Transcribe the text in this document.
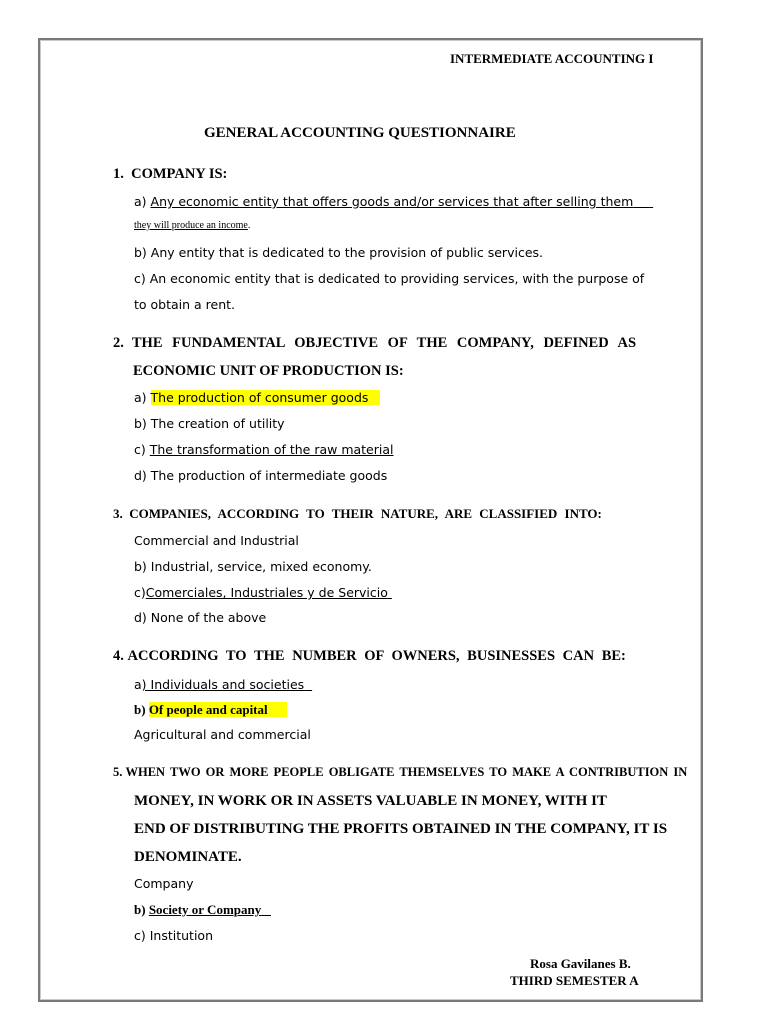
INTERMEDIATE ACCOUNTING I
GENERAL ACCOUNTING QUESTIONNAIRE
1. COMPANY IS:
a) Any economic entity that offers goods and/or services that after selling them
they will produce an income.
b) Any entity that is dedicated to the provision of public services.
c) An economic entity that is dedicated to providing services, with the purpose of
to obtain a rent.
2. THE FUNDAMENTAL OBJECTIVE OF THE COMPANY, DEFINED AS
ECONOMIC UNIT OF PRODUCTION IS:
a) The production of consumer goods
b) The creation of utility
c) The transformation of the raw material
d) The production of intermediate goods
3. COMPANIES, ACCORDING TO THEIR NATURE, ARE CLASSIFIED INTO:
Commercial and Industrial
b) Industrial, service, mixed economy.
c)Comerciales, Industriales y de Servicio
d) None of the above
4. ACCORDING TO THE NUMBER OF OWNERS, BUSINESSES CAN BE:
a) Individuals and societies
b) Of people and capital
Agricultural and commercial
5. WHEN TWO OR MORE PEOPLE OBLIGATE THEMSELVES TO MAKE A CONTRIBUTION IN
MONEY, IN WORK OR IN ASSETS VALUABLE IN MONEY, WITH IT
END OF DISTRIBUTING THE PROFITS OBTAINED IN THE COMPANY, IT IS
DENOMINATE.
Company
b) Society or Company
c) Institution
Rosa Gavilanes B.
THIRD SEMESTER A
